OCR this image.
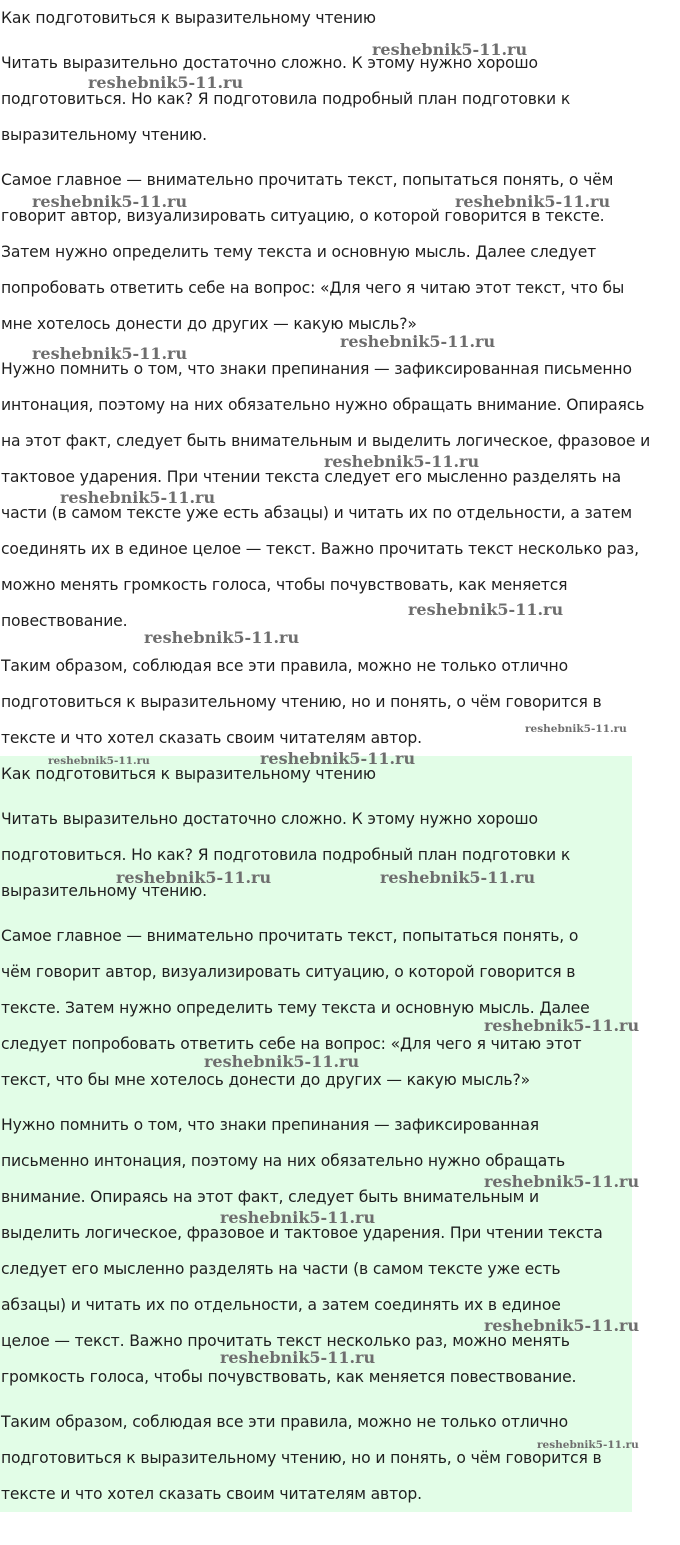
Как подготовиться к выразительному чтению
Читать выразительно достаточно сложно. К этому нужно хорошо
подготовиться. Но как? Я подготовила подробный план подготовки к
выразительному чтению.
Самое главное — внимательно прочитать текст, попытаться понять, о чём
говорит автор, визуализировать ситуацию, о которой говорится в тексте.
Затем нужно определить тему текста и основную мысль. Далее следует
попробовать ответить себе на вопрос: «Для чего я читаю этот текст, что бы
мне хотелось донести до других — какую мысль?»
Нужно помнить о том, что знаки препинания — зафиксированная письменно
интонация, поэтому на них обязательно нужно обращать внимание. Опираясь
на этот факт, следует быть внимательным и выделить логическое, фразовое и
тактовое ударения. При чтении текста следует его мысленно разделять на
части (в самом тексте уже есть абзацы) и читать их по отдельности, а затем
соединять их в единое целое — текст. Важно прочитать текст несколько раз,
можно менять громкость голоса, чтобы почувствовать, как меняется
повествование.
Таким образом, соблюдая все эти правила, можно не только отлично
подготовиться к выразительному чтению, но и понять, о чём говорится в
тексте и что хотел сказать своим читателям автор.
reshebnik5-11.ru
reshebnik5-11.ru
reshebnik5-11.ru	reshebnik5-11.ru
reshebnik5-11.ru
reshebnik5-11.ru
reshebnik5-11.ru
reshebnik5-11.ru
reshebnik5-11.ru
reshebnik5-11.ru
reshebnik5-11.ru
Как подготовиться к выразительному чтению
Читать выразительно достаточно сложно. К этому нужно хорошо
подготовиться. Но как? Я подготовила подробный план подготовки к
выразительному чтению.
Самое главное — внимательно прочитать текст, попытаться понять, о
чём говорит автор, визуализировать ситуацию, о которой говорится в
тексте. Затем нужно определить тему текста и основную мысль. Далее
следует попробовать ответить себе на вопрос: «Для чего я читаю этот
текст, что бы мне хотелось донести до других — какую мысль?»
Нужно помнить о том, что знаки препинания — зафиксированная
письменно интонация, поэтому на них обязательно нужно обращать
внимание. Опираясь на этот факт, следует быть внимательным и
выделить логическое, фразовое и тактовое ударения. При чтении текста
следует его мысленно разделять на части (в самом тексте уже есть
абзацы) и читать их по отдельности, а затем соединять их в единое
целое — текст. Важно прочитать текст несколько раз, можно менять
громкость голоса, чтобы почувствовать, как меняется повествование.
Таким образом, соблюдая все эти правила, можно не только отлично
подготовиться к выразительному чтению, но и понять, о чём говорится в
тексте и что хотел сказать своим читателям автор.
reshebnik5-11.ru	reshebnik5-11.ru
reshebnik5-11.ru	reshebnik5-11.ru
reshebnik5-11.ru
reshebnik5-11.ru
reshebnik5-11.ru
reshebnik5-11.ru
reshebnik5-11.ru
reshebnik5-11.ru
reshebnik5-11.ru
